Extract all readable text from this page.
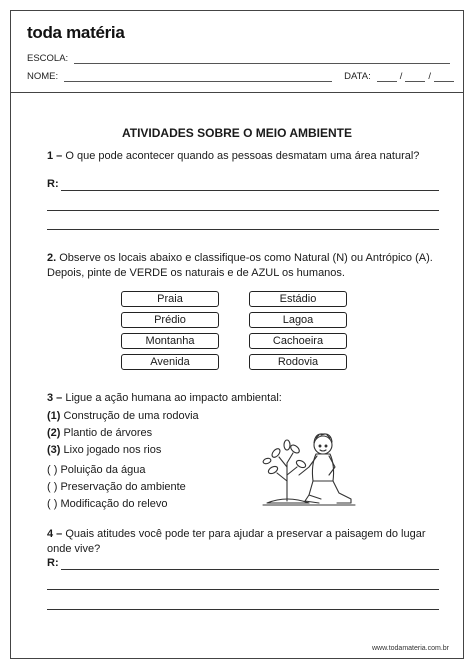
toda matéria
ESCOLA:
NOME:	DATA:	/	/
ATIVIDADES SOBRE O MEIO AMBIENTE
1 – O que pode acontecer quando as pessoas desmatam uma área natural?
R:
2. Observe os locais abaixo e classifique-os como Natural (N) ou Antrópico (A). Depois, pinte de VERDE os naturais e de AZUL os humanos.
Praia	Estádio
Prédio	Lagoa
Montanha	Cachoeira
Avenida	Rodovia
3 – Ligue a ação humana ao impacto ambiental:
(1) Construção de uma rodovia
(2) Plantio de árvores
(3) Lixo jogado nos rios
( ) Poluição da água
( ) Preservação do ambiente
( ) Modificação do relevo
4 – Quais atitudes você pode ter para ajudar a preservar a paisagem do lugar onde vive?
R:
www.todamateria.com.br
